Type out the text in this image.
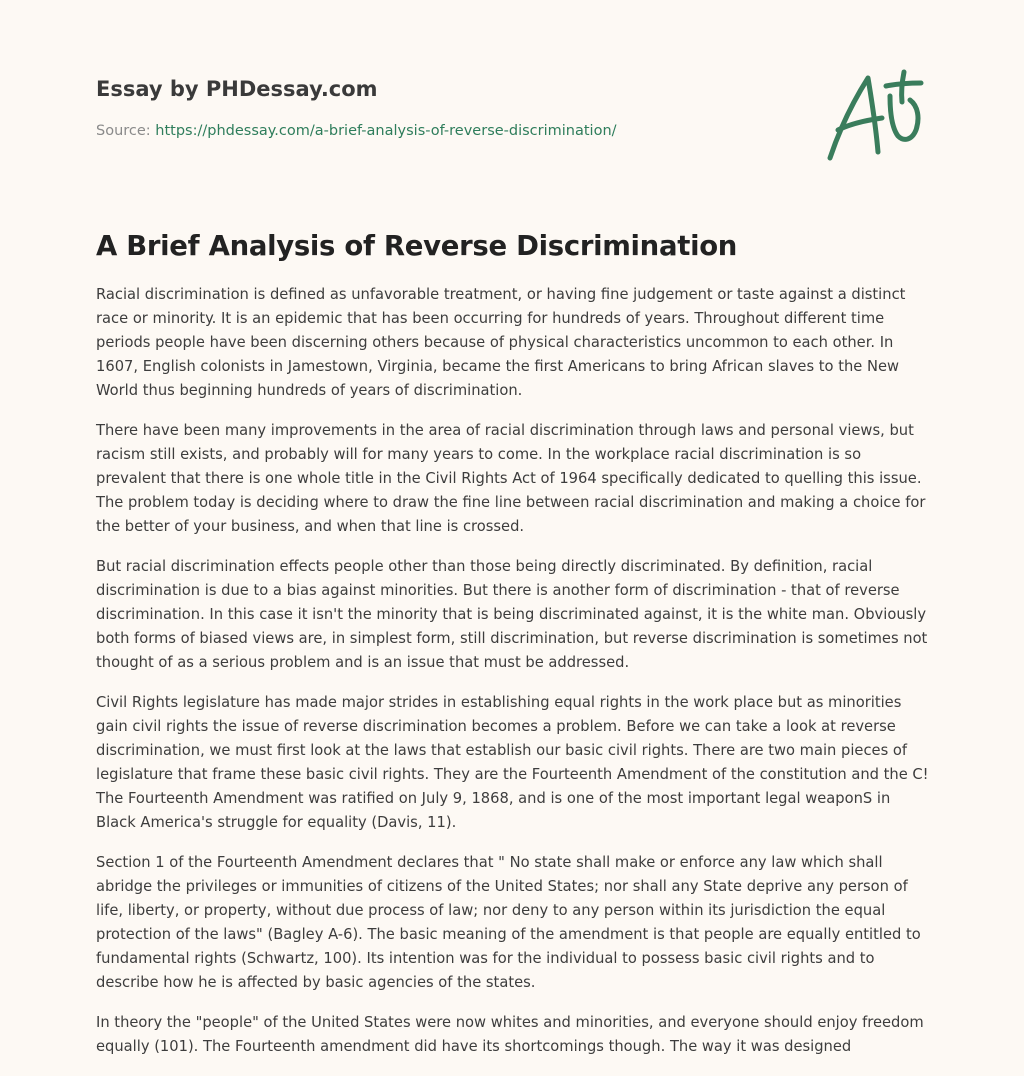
Essay by PHDessay.com
Source: https://phdessay.com/a-brief-analysis-of-reverse-discrimination/
A Brief Analysis of Reverse Discrimination

Racial discrimination is defined as unfavorable treatment, or having fine judgement or taste against a distinct
race or minority. It is an epidemic that has been occurring for hundreds of years. Throughout different time
periods people have been discerning others because of physical characteristics uncommon to each other. In
1607, English colonists in Jamestown, Virginia, became the first Americans to bring African slaves to the New
World thus beginning hundreds of years of discrimination.

There have been many improvements in the area of racial discrimination through laws and personal views, but
racism still exists, and probably will for many years to come. In the workplace racial discrimination is so
prevalent that there is one whole title in the Civil Rights Act of 1964 specifically dedicated to quelling this issue.
The problem today is deciding where to draw the fine line between racial discrimination and making a choice for
the better of your business, and when that line is crossed.

But racial discrimination effects people other than those being directly discriminated. By definition, racial
discrimination is due to a bias against minorities. But there is another form of discrimination - that of reverse
discrimination. In this case it isn't the minority that is being discriminated against, it is the white man. Obviously
both forms of biased views are, in simplest form, still discrimination, but reverse discrimination is sometimes not
thought of as a serious problem and is an issue that must be addressed.

Civil Rights legislature has made major strides in establishing equal rights in the work place but as minorities
gain civil rights the issue of reverse discrimination becomes a problem. Before we can take a look at reverse
discrimination, we must first look at the laws that establish our basic civil rights. There are two main pieces of
legislature that frame these basic civil rights. They are the Fourteenth Amendment of the constitution and the C!
The Fourteenth Amendment was ratified on July 9, 1868, and is one of the most important legal weaponS in
Black America's struggle for equality (Davis, 11).

Section 1 of the Fourteenth Amendment declares that " No state shall make or enforce any law which shall
abridge the privileges or immunities of citizens of the United States; nor shall any State deprive any person of
life, liberty, or property, without due process of law; nor deny to any person within its jurisdiction the equal
protection of the laws" (Bagley A-6). The basic meaning of the amendment is that people are equally entitled to
fundamental rights (Schwartz, 100). Its intention was for the individual to possess basic civil rights and to
describe how he is affected by basic agencies of the states.

In theory the "people" of the United States were now whites and minorities, and everyone should enjoy freedom
equally (101). The Fourteenth amendment did have its shortcomings though. The way it was designed
